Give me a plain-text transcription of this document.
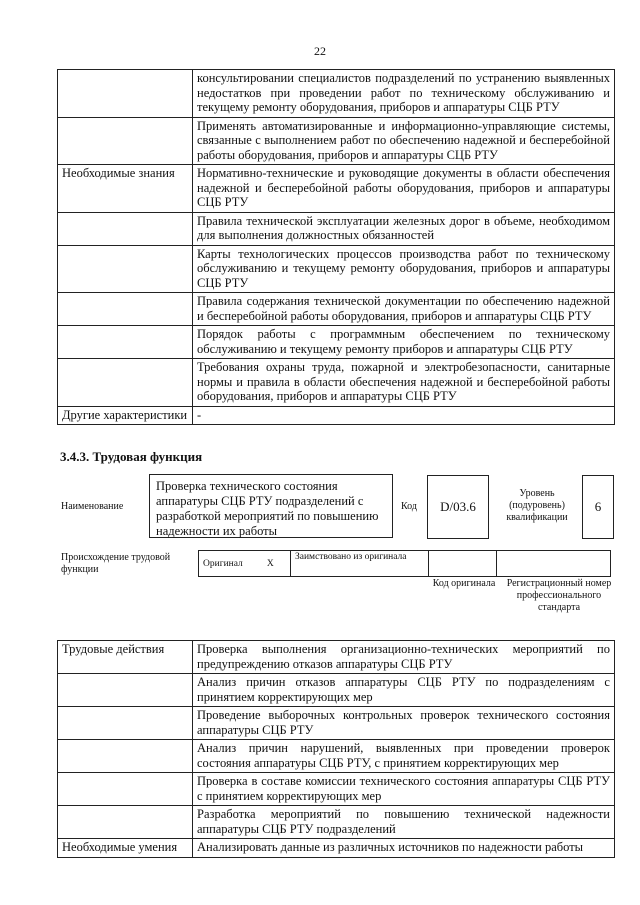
22
	консультировании специалистов подразделений по устранению выявленных недостатков при проведении работ по техническому обслуживанию и текущему ремонту оборудования, приборов и аппаратуры СЦБ РТУ
	Применять автоматизированные и информационно-управляющие системы, связанные с выполнением работ по обеспечению надежной и бесперебойной работы оборудования, приборов и аппаратуры СЦБ РТУ
Необходимые знания	Нормативно-технические и руководящие документы в области обеспечения надежной и бесперебойной работы оборудования, приборов и аппаратуры СЦБ РТУ
	Правила технической эксплуатации железных дорог в объеме, необходимом для выполнения должностных обязанностей
	Карты технологических процессов производства работ по техническому обслуживанию и текущему ремонту оборудования, приборов и аппаратуры СЦБ РТУ
	Правила содержания технической документации по обеспечению надежной и бесперебойной работы оборудования, приборов и аппаратуры СЦБ РТУ
	Порядок работы с программным обеспечением по техническому обслуживанию и текущему ремонту приборов и аппаратуры СЦБ РТУ
	Требования охраны труда, пожарной и электробезопасности, санитарные нормы и правила в области обеспечения надежной и бесперебойной работы оборудования, приборов и аппаратуры СЦБ РТУ
Другие характеристики	-
3.4.3. Трудовая функция
Наименование
Проверка технического состояния аппаратуры СЦБ РТУ подразделений с разработкой мероприятий по повышению надежности их работы
Код	D/03.6
Уровень (подуровень) квалификации
6
Происхождение трудовой функции
Оригинал	X	Заимствовано из оригинала		
Код оригинала Регистрационный номер профессионального стандарта
Трудовые действия	Проверка выполнения организационно-технических мероприятий по предупреждению отказов аппаратуры СЦБ РТУ
	Анализ причин отказов аппаратуры СЦБ РТУ по подразделениям с принятием корректирующих мер
	Проведение выборочных контрольных проверок технического состояния аппаратуры СЦБ РТУ
	Анализ причин нарушений, выявленных при проведении проверок состояния аппаратуры СЦБ РТУ, с принятием корректирующих мер
	Проверка в составе комиссии технического состояния аппаратуры СЦБ РТУ с принятием корректирующих мер
	Разработка мероприятий по повышению технической надежности аппаратуры СЦБ РТУ подразделений
Необходимые умения	Анализировать данные из различных источников по надежности работы
